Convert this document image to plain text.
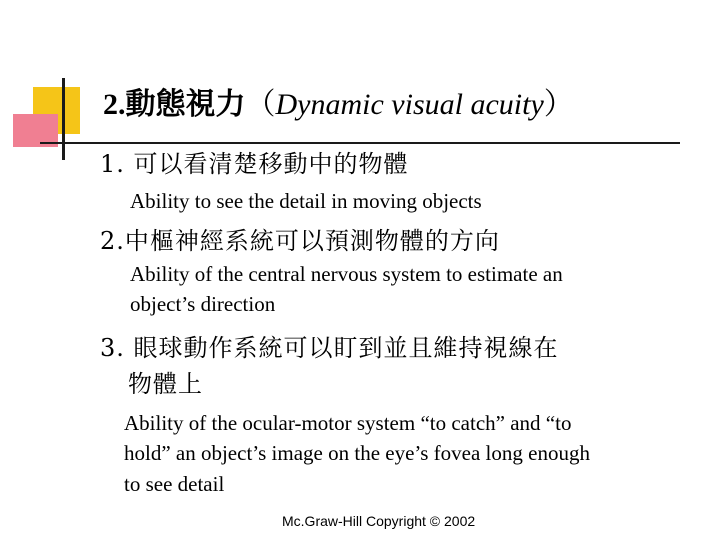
2.動態視力（Dynamic visual acuity）
1. 可以看清楚移動中的物體
Ability to see the detail in moving objects
2.中樞神經系統可以預測物體的方向
Ability of the central nervous system to estimate an
object’s direction
3. 眼球動作系統可以盯到並且維持視線在
物體上
Ability of the ocular-motor system “to catch” and “to
hold” an object’s image on the eye’s fovea long enough
to see detail
Mc.Graw-Hill Copyright © 2002
